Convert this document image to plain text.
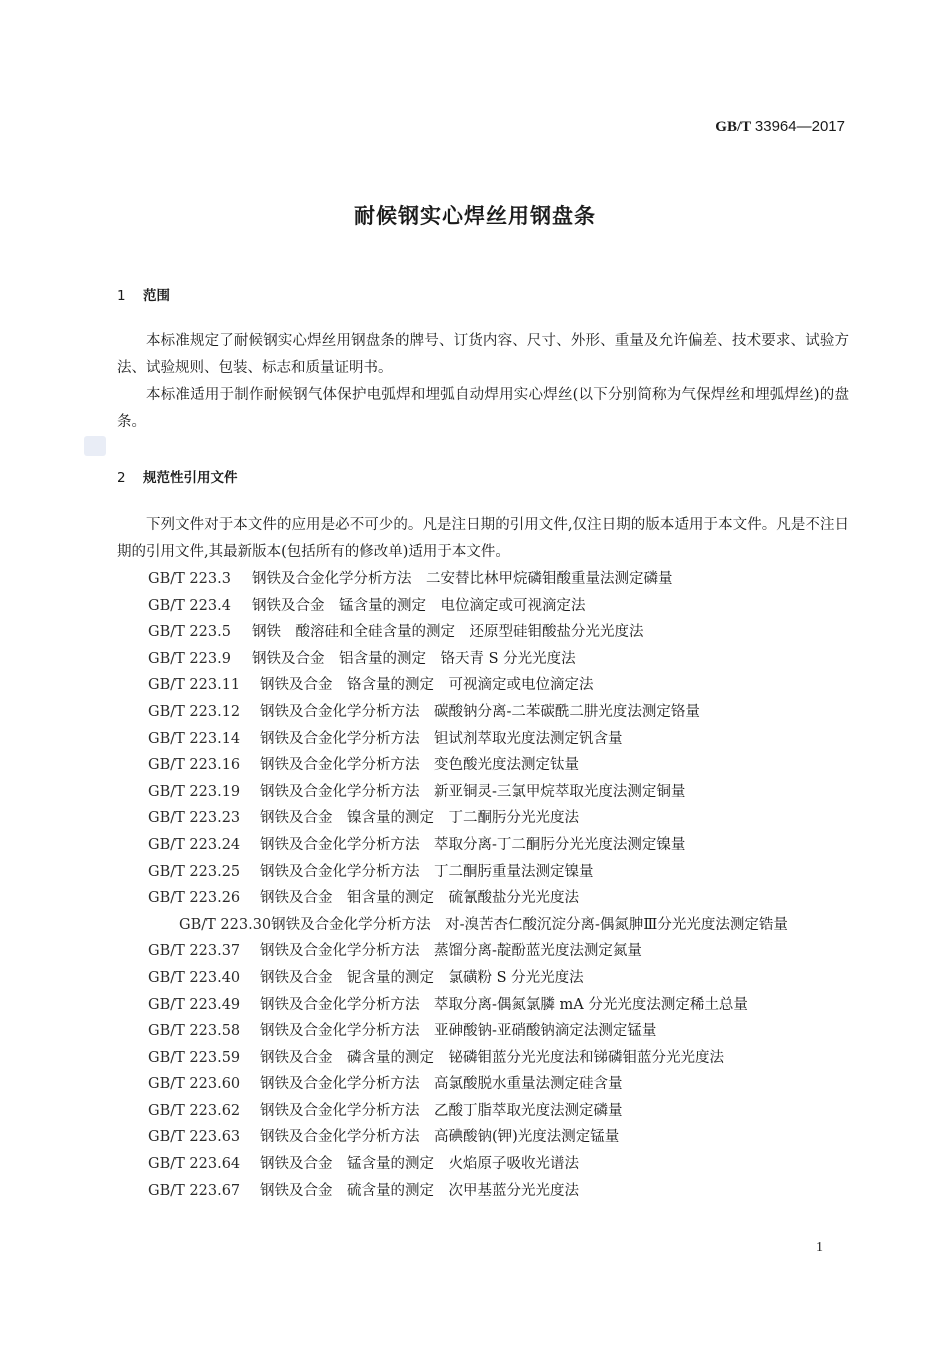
GB/T 33964—2017
耐候钢实心焊丝用钢盘条
1 范围

本标准规定了耐候钢实心焊丝用钢盘条的牌号、订货内容、尺寸、外形、重量及允许偏差、技术要求、试验方法、试验规则、包装、标志和质量证明书。

本标准适用于制作耐候钢气体保护电弧焊和埋弧自动焊用实心焊丝(以下分别简称为气保焊丝和埋弧焊丝)的盘条。

2 规范性引用文件

下列文件对于本文件的应用是必不可少的。凡是注日期的引用文件,仅注日期的版本适用于本文件。凡是不注日期的引用文件,其最新版本(包括所有的修改单)适用于本文件。

GB/T 223.3 钢铁及合金化学分析方法　二安替比林甲烷磷钼酸重量法测定磷量
GB/T 223.4 钢铁及合金　锰含量的测定　电位滴定或可视滴定法
GB/T 223.5 钢铁　酸溶硅和全硅含量的测定　还原型硅钼酸盐分光光度法
GB/T 223.9 钢铁及合金　铝含量的测定　铬天青 S 分光光度法
GB/T 223.11 钢铁及合金　铬含量的测定　可视滴定或电位滴定法
GB/T 223.12 钢铁及合金化学分析方法　碳酸钠分离-二苯碳酰二肼光度法测定铬量
GB/T 223.14 钢铁及合金化学分析方法　钽试剂萃取光度法测定钒含量
GB/T 223.16 钢铁及合金化学分析方法　变色酸光度法测定钛量
GB/T 223.19 钢铁及合金化学分析方法　新亚铜灵-三氯甲烷萃取光度法测定铜量
GB/T 223.23 钢铁及合金　镍含量的测定　丁二酮肟分光光度法
GB/T 223.24 钢铁及合金化学分析方法　萃取分离-丁二酮肟分光光度法测定镍量
GB/T 223.25 钢铁及合金化学分析方法　丁二酮肟重量法测定镍量
GB/T 223.26 钢铁及合金　钼含量的测定　硫氰酸盐分光光度法
GB/T 223.30钢铁及合金化学分析方法　对-溴苦杏仁酸沉淀分离-偶氮胂Ⅲ分光光度法测定锆量
GB/T 223.37 钢铁及合金化学分析方法　蒸馏分离-靛酚蓝光度法测定氮量
GB/T 223.40 钢铁及合金　铌含量的测定　氯磺粉 S 分光光度法
GB/T 223.49 钢铁及合金化学分析方法　萃取分离-偶氮氯膦 mA 分光光度法测定稀土总量
GB/T 223.58 钢铁及合金化学分析方法　亚砷酸钠-亚硝酸钠滴定法测定锰量
GB/T 223.59 钢铁及合金　磷含量的测定　铋磷钼蓝分光光度法和锑磷钼蓝分光光度法
GB/T 223.60 钢铁及合金化学分析方法　高氯酸脱水重量法测定硅含量
GB/T 223.62 钢铁及合金化学分析方法　乙酸丁脂萃取光度法测定磷量
GB/T 223.63 钢铁及合金化学分析方法　高碘酸钠(钾)光度法测定锰量
GB/T 223.64 钢铁及合金　锰含量的测定　火焰原子吸收光谱法
GB/T 223.67 钢铁及合金　硫含量的测定　次甲基蓝分光光度法
1
